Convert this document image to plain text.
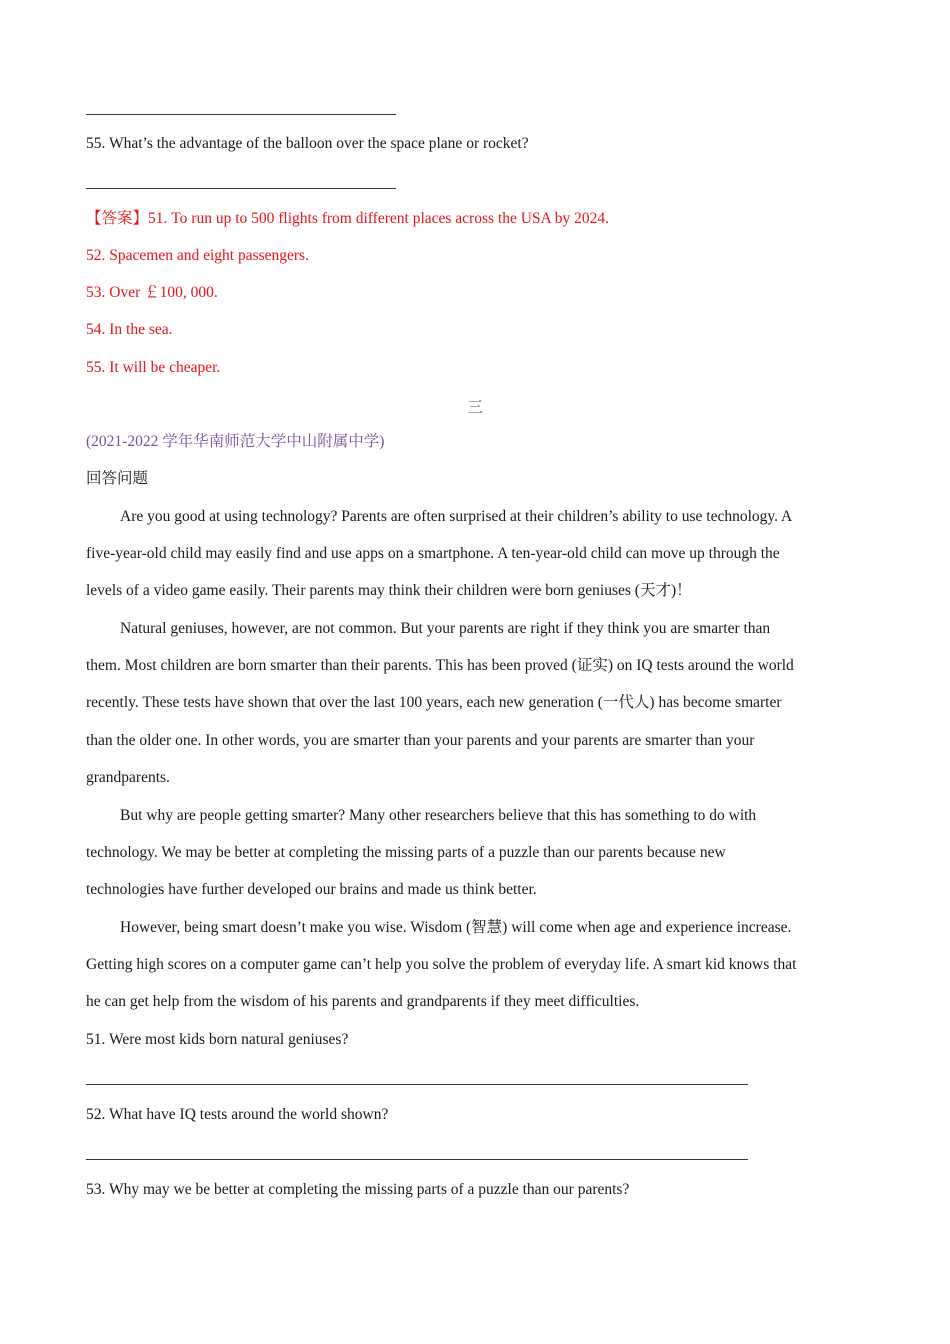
55. What’s the advantage of the balloon over the space plane or rocket?
【答案】51. To run up to 500 flights from different places across the USA by 2024.
52. Spacemen and eight passengers.
53. Over ￡100, 000.
54. In the sea.
55. It will be cheaper.
三
(2021-2022 学年华南师范大学中山附属中学)
回答问题
Are you good at using technology? Parents are often surprised at their children’s ability to use technology. A
five-year-old child may easily find and use apps on a smartphone. A ten-year-old child can move up through the
levels of a video game easily. Their parents may think their children were born geniuses (天才)！
Natural geniuses, however, are not common. But your parents are right if they think you are smarter than
them. Most children are born smarter than their parents. This has been proved (证实) on IQ tests around the world
recently. These tests have shown that over the last 100 years, each new generation (一代人) has become smarter
than the older one. In other words, you are smarter than your parents and your parents are smarter than your
grandparents.
But why are people getting smarter? Many other researchers believe that this has something to do with
technology. We may be better at completing the missing parts of a puzzle than our parents because new
technologies have further developed our brains and made us think better.
However, being smart doesn’t make you wise. Wisdom (智慧) will come when age and experience increase.
Getting high scores on a computer game can’t help you solve the problem of everyday life. A smart kid knows that
he can get help from the wisdom of his parents and grandparents if they meet difficulties.
51. Were most kids born natural geniuses?
52. What have IQ tests around the world shown?
53. Why may we be better at completing the missing parts of a puzzle than our parents?
